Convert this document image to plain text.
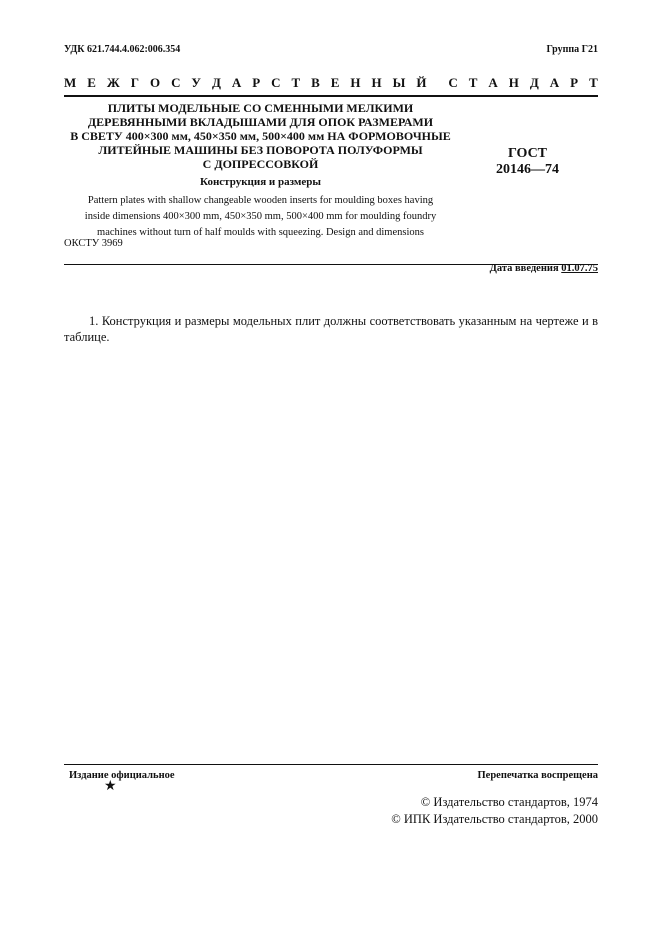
УДК 621.744.4.062:006.354	Группа Г21
М Е Ж Г О С У Д А Р С Т В Е Н Н Ы Й С Т А Н Д А Р Т
ПЛИТЫ МОДЕЛЬНЫЕ СО СМЕННЫМИ МЕЛКИМИ
ДЕРЕВЯННЫМИ ВКЛАДЫШАМИ ДЛЯ ОПОК РАЗМЕРАМИ
В СВЕТУ 400×300 мм, 450×350 мм, 500×400 мм НА ФОРМОВОЧНЫЕ
ЛИТЕЙНЫЕ МАШИНЫ БЕЗ ПОВОРОТА ПОЛУФОРМЫ
С ДОПРЕССОВКОЙ
Конструкция и размеры
Pattern plates with shallow changeable wooden inserts for moulding boxes having
inside dimensions 400×300 mm, 450×350 mm, 500×400 mm for moulding foundry
machines without turn of half moulds with squeezing. Design and dimensions
ОКСТУ 3969
ГОСТ
20146—74
Дата введения 01.07.75

1. Конструкция и размеры модельных плит должны соответствовать указанным на чертеже и в таблице.

Издание официальное
★
Перепечатка воспрещена
© Издательство стандартов, 1974
© ИПК Издательство стандартов, 2000
